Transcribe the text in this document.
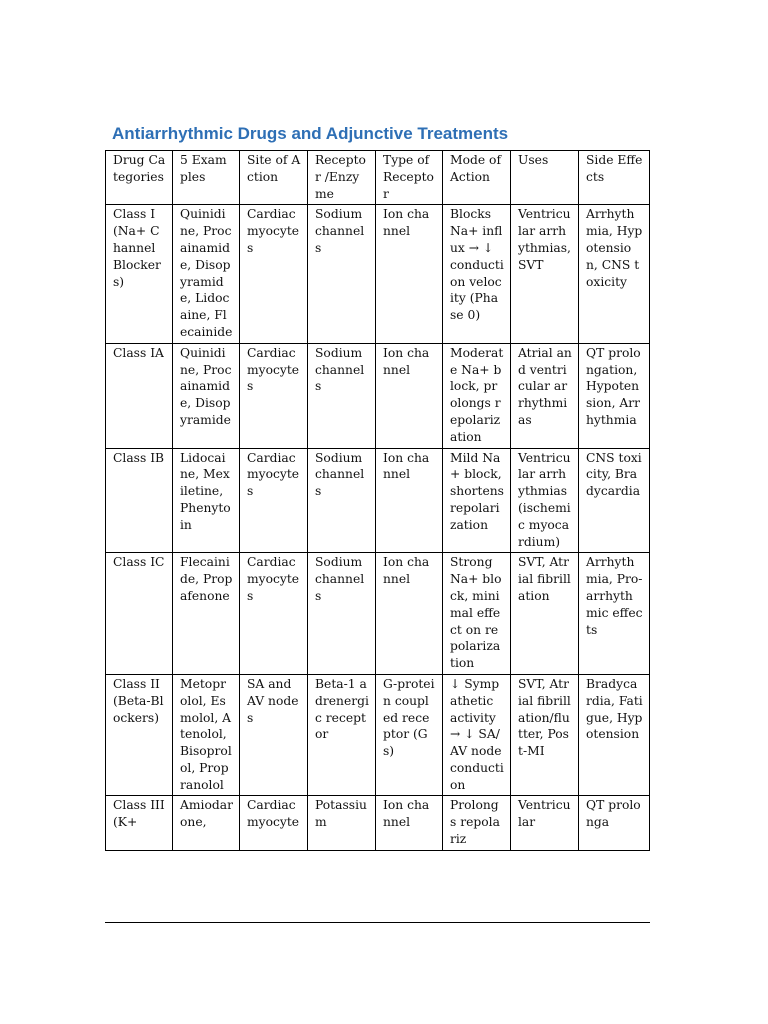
Antiarrhythmic Drugs and Adjunctive Treatments
Drug Categories	5 Examples	Site of Action	Receptor /Enzyme	Type of Receptor	Mode of Action	Uses	Side Effects
Class I (Na+ Channel Blockers)	Quinidine, Procainamide, Disopyramide, Lidocaine, Flecainide	Cardiac myocytes	Sodium channels	Ion channel	Blocks Na+ influx → ↓ conduction velocity (Phase 0)	Ventricular arrhythmias, SVT	Arrhythmia, Hypotension, CNS toxicity
Class IA	Quinidine, Procainamide, Disopyramide	Cardiac myocytes	Sodium channels	Ion channel	Moderate Na+ block, prolongs repolarization	Atrial and ventricular arrhythmias	QT prolongation, Hypotension, Arrhythmia
Class IB	Lidocaine, Mexiletine, Phenytoin	Cardiac myocytes	Sodium channels	Ion channel	Mild Na+ block, shortens repolarization	Ventricular arrhythmias (ischemic myocardium)	CNS toxicity, Bradycardia
Class IC	Flecainide, Propafenone	Cardiac myocytes	Sodium channels	Ion channel	Strong Na+ block, minimal effect on repolarization	SVT, Atrial fibrillation	Arrhythmia, Pro-arrhythmic effects
Class II (Beta-Blockers)	Metoprolol, Esmolol, Atenolol, Bisoprolol, Propranolol	SA and AV nodes	Beta-1 adrenergic receptor	G-protein coupled receptor (Gs)	↓ Sympathetic activity → ↓ SA/AV node conduction	SVT, Atrial fibrillation/flutter, Post-MI	Bradycardia, Fatigue, Hypotension
Class III (K+	Amiodarone,	Cardiac myocyte	Potassium	Ion channel	Prolongs repolariz	Ventricular	QT prolonga
